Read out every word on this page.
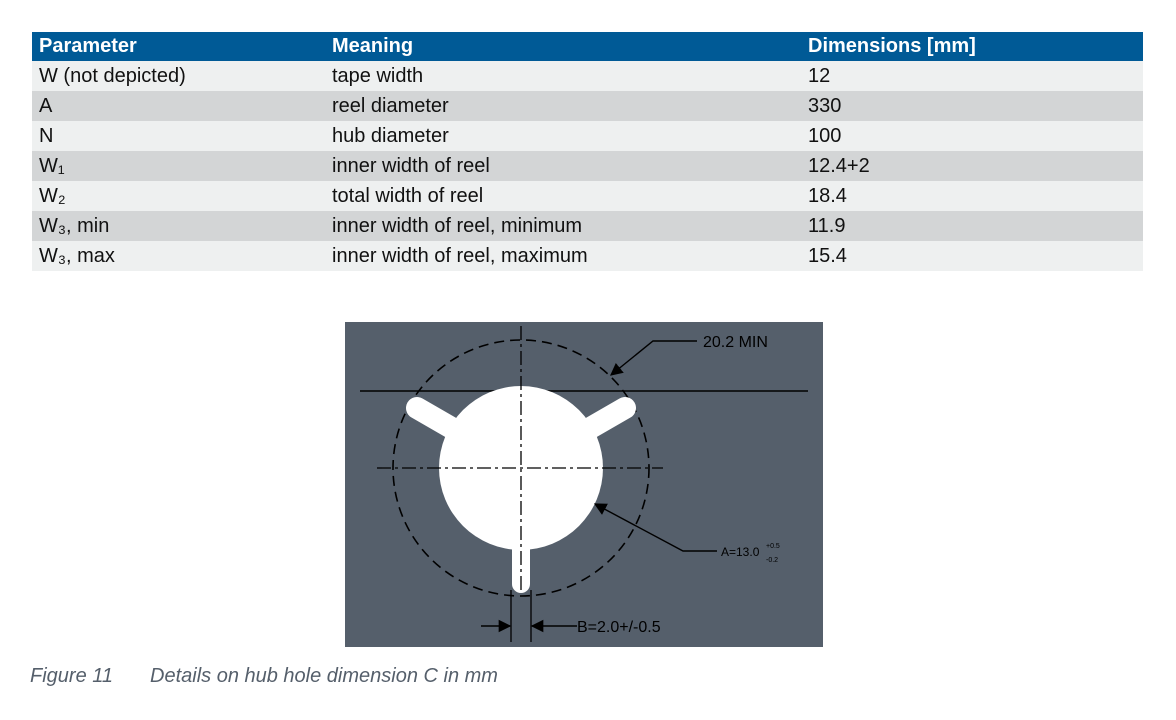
Parameter	Meaning	Dimensions [mm]
W (not depicted)	tape width	12
A	reel diameter	330
N	hub diameter	100
W₁	inner width of reel	12.4+2
W₂	total width of reel	18.4
W₃, min	inner width of reel, minimum	11.9
W₃, max	inner width of reel, maximum	15.4
20.2 MIN
A=13.0 +0.5
-0.2
B=2.0+/-0.5
Figure 11 Details on hub hole dimension C in mm
